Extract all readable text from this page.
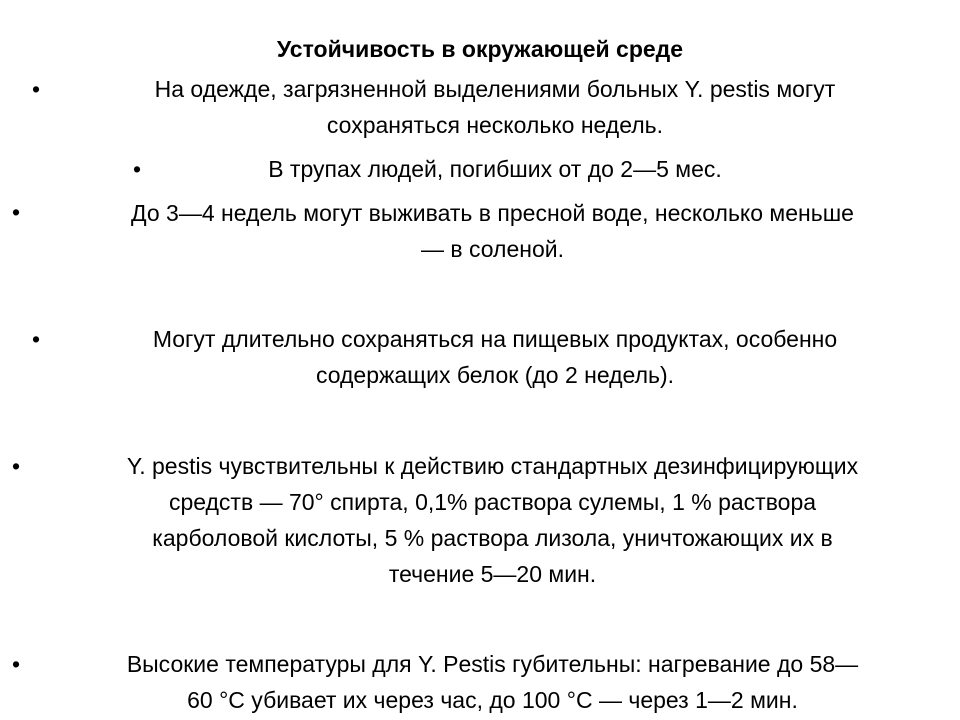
Устойчивость в окружающей среде
•	На одежде, загрязненной выделениями больных Y. pestis могут
сохраняться несколько недель.
•	В трупах людей, погибших от до 2—5 мес.
•	До 3—4 недель могут выживать в пресной воде, несколько меньше
— в соленой.
•	Могут длительно сохраняться на пищевых продуктах, особенно
содержащих белок (до 2 недель).
•	Y. pestis чувствительны к действию стандартных дезинфицирующих
средств — 70° спирта, 0,1% раствора сулемы, 1 % раствора
карболовой кислоты, 5 % раствора лизола, уничтожающих их в
течение 5—20 мин.
•	Высокие температуры для Y. Pestis губительны: нагревание до 58—
60 °С убивает их через час, до 100 °С — через 1—2 мин.
